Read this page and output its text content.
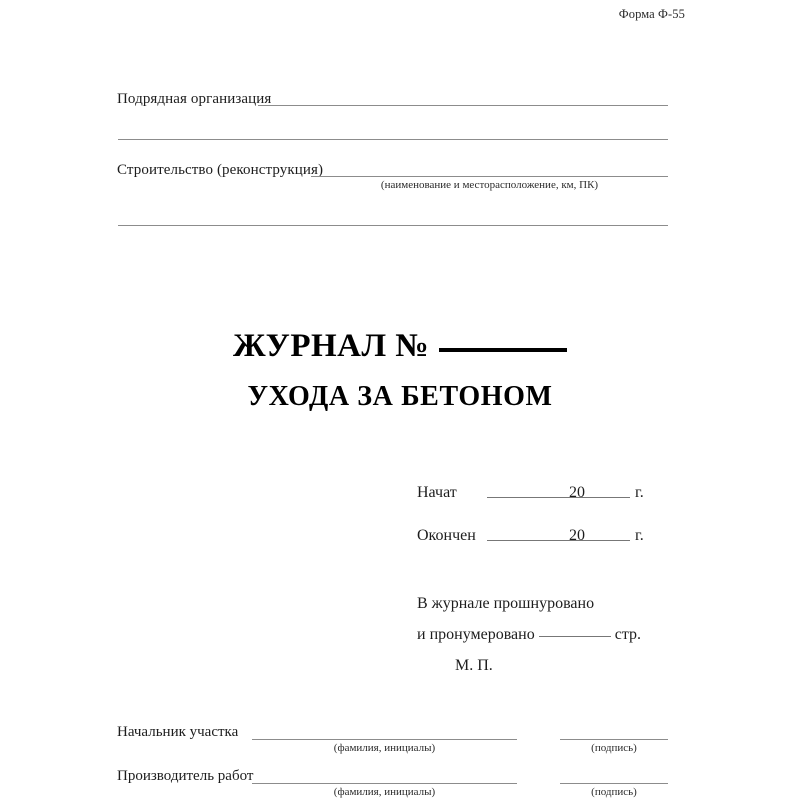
Форма Ф-55
Подрядная организация
Строительство (реконструкция)
(наименование и месторасположение, км, ПК)
ЖУРНАЛ №
УХОДА ЗА БЕТОНОМ
Начат	20	г.
Окончен	20	г.
В журнале прошнуровано
и пронумеровано	стр.
М. П.
Начальник участка
(фамилия, инициалы)	(подпись)
Производитель работ
(фамилия, инициалы)	(подпись)
